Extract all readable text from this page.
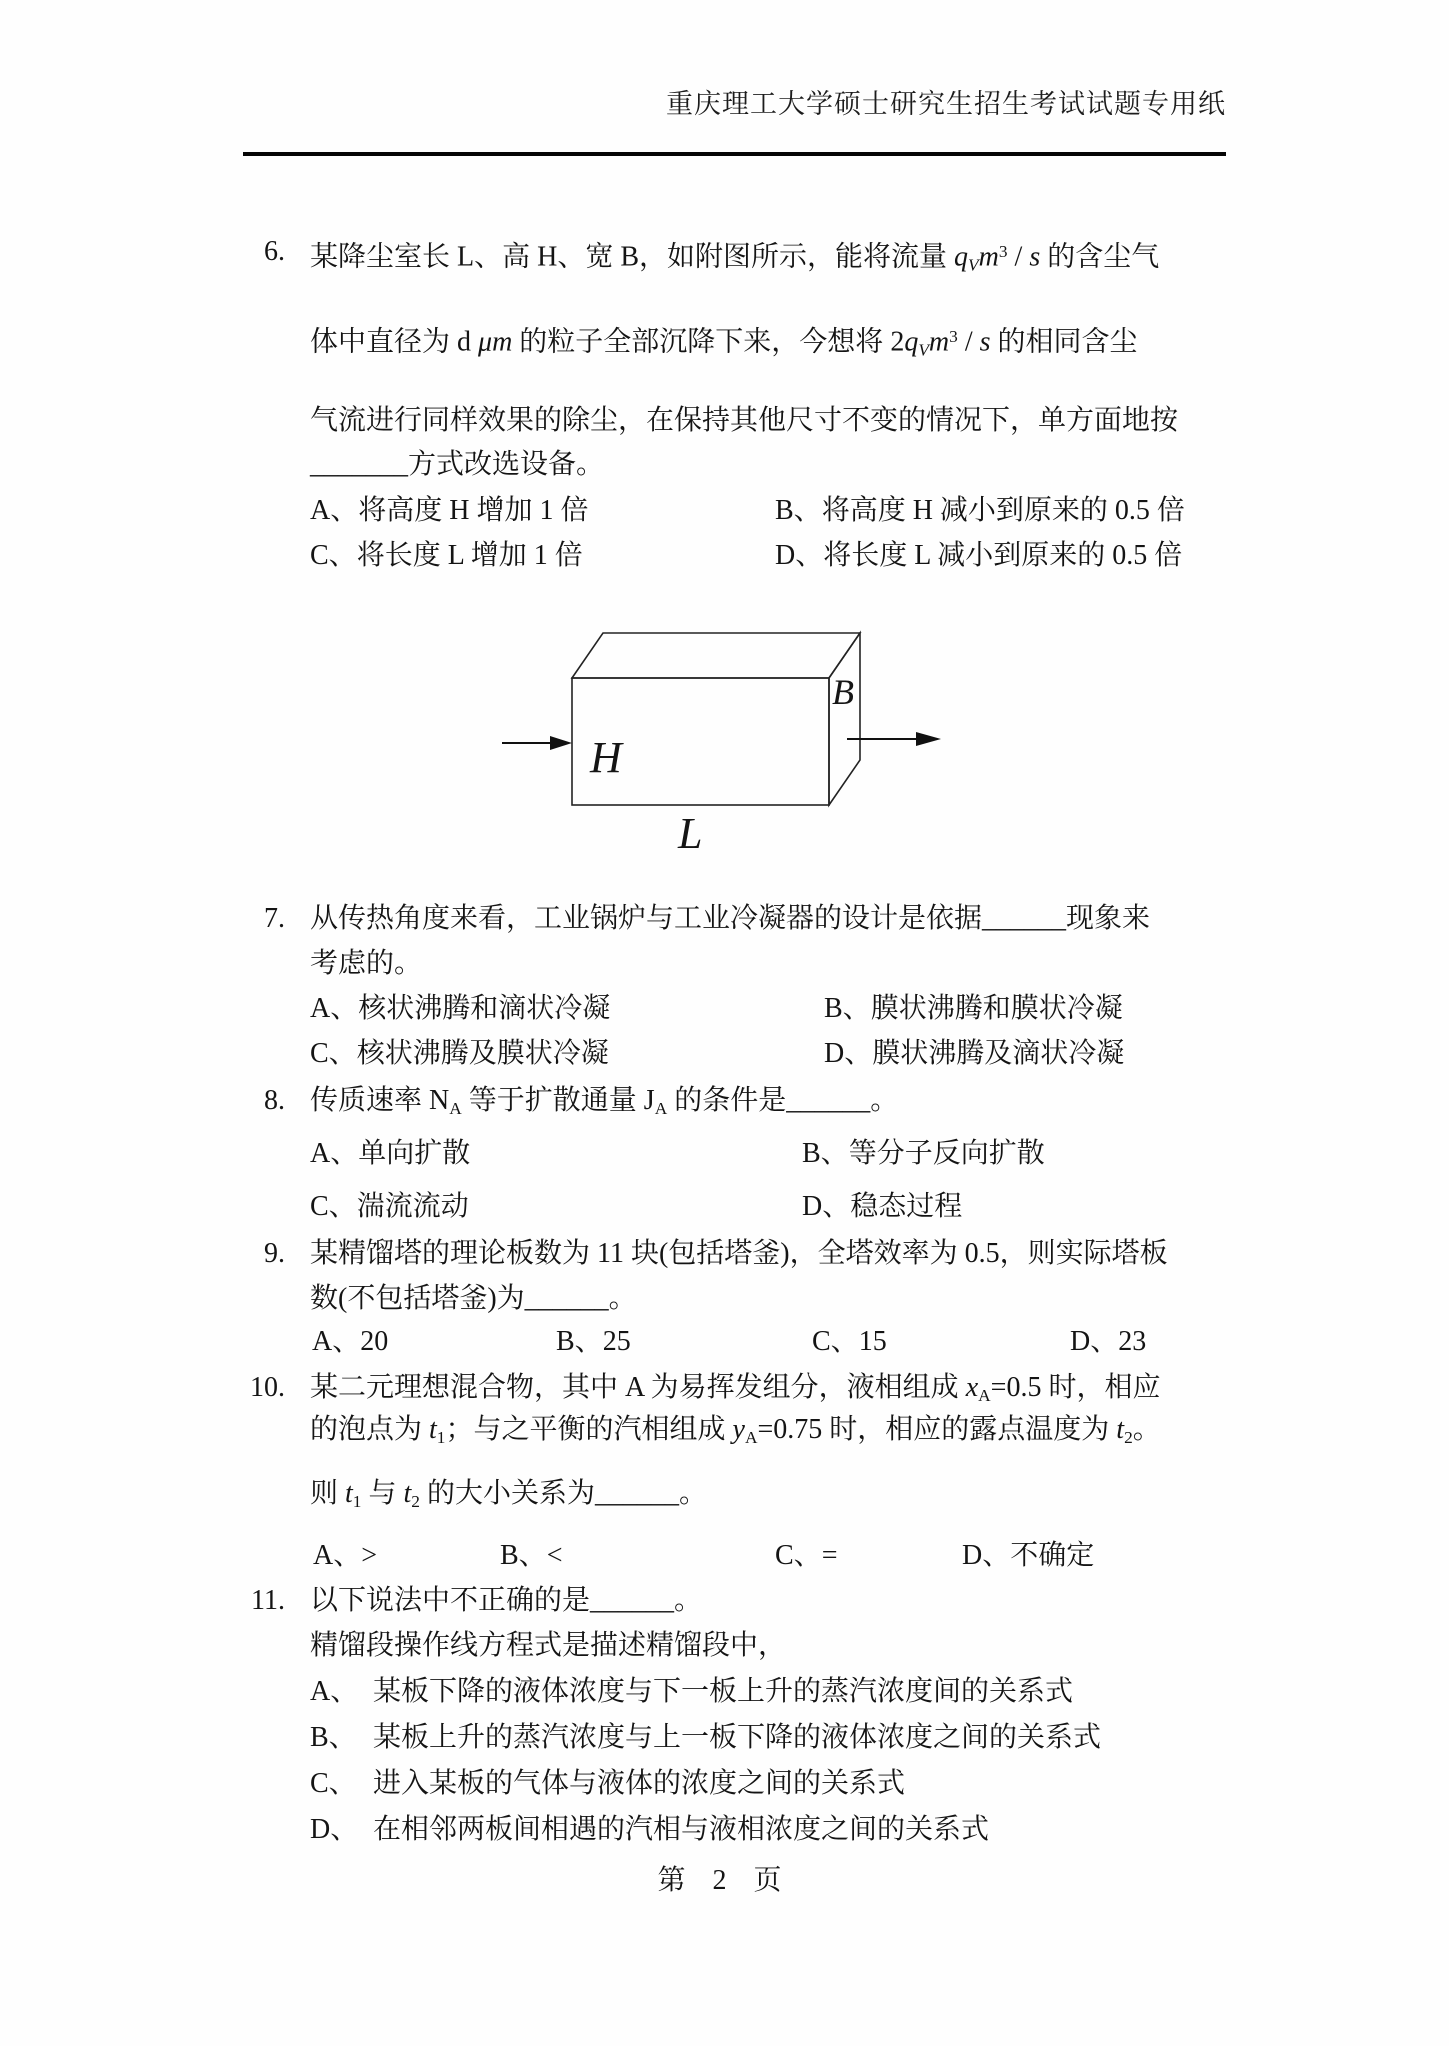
重庆理工大学硕士研究生招生考试试题专用纸
6. 某降尘室长 L、高 H、宽 B，如附图所示，能将流量 qVm$^3$ / s 的含尘气
体中直径为 d μm 的粒子全部沉降下来，今想将 2qVm$^3$ / s 的相同含尘
气流进行同样效果的除尘，在保持其他尺寸不变的情况下，单方面地按
_______方式改选设备。
A、将高度 H 增加 1 倍	B、将高度 H 减小到原来的 0.5 倍
C、将长度 L 增加 1 倍	D、将长度 L 减小到原来的 0.5 倍
H
B
L
7. 从传热角度来看，工业锅炉与工业冷凝器的设计是依据______现象来
考虑的。
A、核状沸腾和滴状冷凝	B、膜状沸腾和膜状冷凝
C、核状沸腾及膜状冷凝	D、膜状沸腾及滴状冷凝
8. 传质速率 NA 等于扩散通量 JA 的条件是______。
A、单向扩散	B、等分子反向扩散
C、湍流流动	D、稳态过程
9. 某精馏塔的理论板数为 11 块(包括塔釜)，全塔效率为 0.5，则实际塔板
数(不包括塔釜)为______。
A、20	B、25	C、15	D、23
10. 某二元理想混合物，其中 A 为易挥发组分，液相组成 xA=0.5 时，相应
的泡点为 t1；与之平衡的汽相组成 yA=0.75 时，相应的露点温度为 t2。
则 t1 与 t2 的大小关系为______。
A、>	B、<	C、=	D、不确定
11. 以下说法中不正确的是______。
精馏段操作线方程式是描述精馏段中，
A、 某板下降的液体浓度与下一板上升的蒸汽浓度间的关系式
B、 某板上升的蒸汽浓度与上一板下降的液体浓度之间的关系式
C、 进入某板的气体与液体的浓度之间的关系式
D、 在相邻两板间相遇的汽相与液相浓度之间的关系式
第 2 页
